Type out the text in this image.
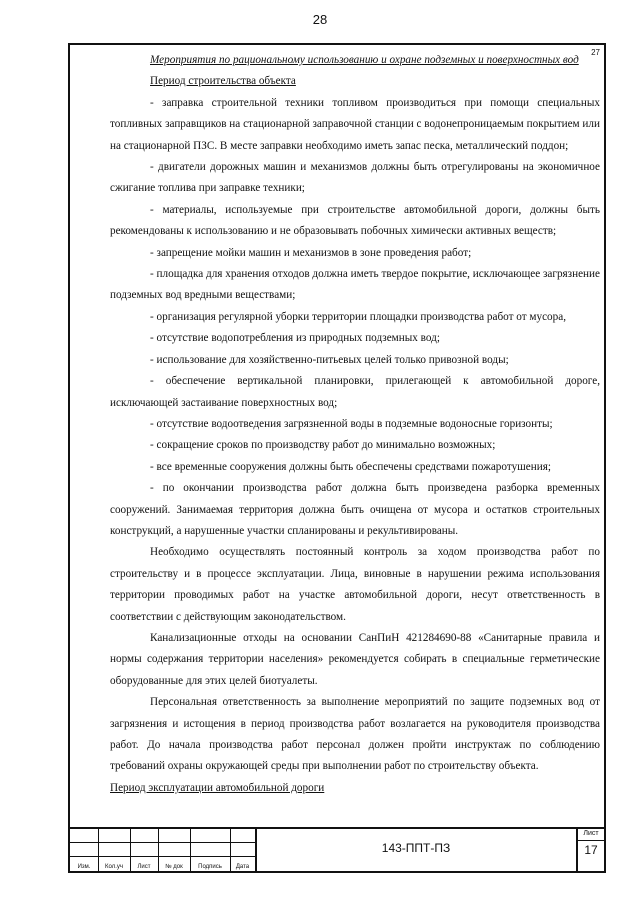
28
27

Мероприятия по рациональному использованию и охране подземных и поверхностных вод

Период строительства объекта

- заправка строительной техники топливом производиться при помощи специальных топливных заправщиков на стационарной заправочной станции с водонепроницаемым покрытием или на стационарной ПЗС. В месте заправки необходимо иметь запас песка, металлический поддон;

- двигатели дорожных машин и механизмов должны быть отрегулированы на экономичное сжигание топлива при заправке техники;

- материалы, используемые при строительстве автомобильной дороги, должны быть рекомендованы к использованию и не образовывать побочных химически активных веществ;

- запрещение мойки машин и механизмов в зоне проведения работ;

- площадка для хранения отходов должна иметь твердое покрытие, исключающее загрязнение подземных вод вредными веществами;

- организация регулярной уборки территории площадки производства работ от мусора,

- отсутствие водопотребления из природных подземных вод;

- использование для хозяйственно-питьевых целей только привозной воды;

- обеспечение вертикальной планировки, прилегающей к автомобильной дороге, исключающей застаивание поверхностных вод;

- отсутствие водоотведения загрязненной воды в подземные водоносные горизонты;

- сокращение сроков по производству работ до минимально возможных;

- все временные сооружения должны быть обеспечены средствами пожаротушения;

- по окончании производства работ должна быть произведена разборка временных сооружений. Занимаемая территория должна быть очищена от мусора и остатков строительных конструкций, а нарушенные участки спланированы и рекультивированы.

Необходимо осуществлять постоянный контроль за ходом производства работ по строительству и в процессе эксплуатации. Лица, виновные в нарушении режима использования территории проводимых работ на участке автомобильной дороги, несут ответственность в соответствии с действующим законодательством.

Канализационные отходы на основании СанПиН 421284690-88 «Санитарные правила и нормы содержания территории населения» рекомендуется собирать в специальные герметические оборудованные для этих целей биотуалеты.

Персональная ответственность за выполнение мероприятий по защите подземных вод от загрязнения и истощения в период производства работ возлагается на руководителя производства работ. До начала производства работ персонал должен пройти инструктаж по соблюдению требований охраны окружающей среды при выполнении работ по строительству объекта.

Период эксплуатации автомобильной дороги

Изм.	Кол.уч	Лист	№ док	Подпись	Дата
143-ППТ-ПЗ
Лист
17
